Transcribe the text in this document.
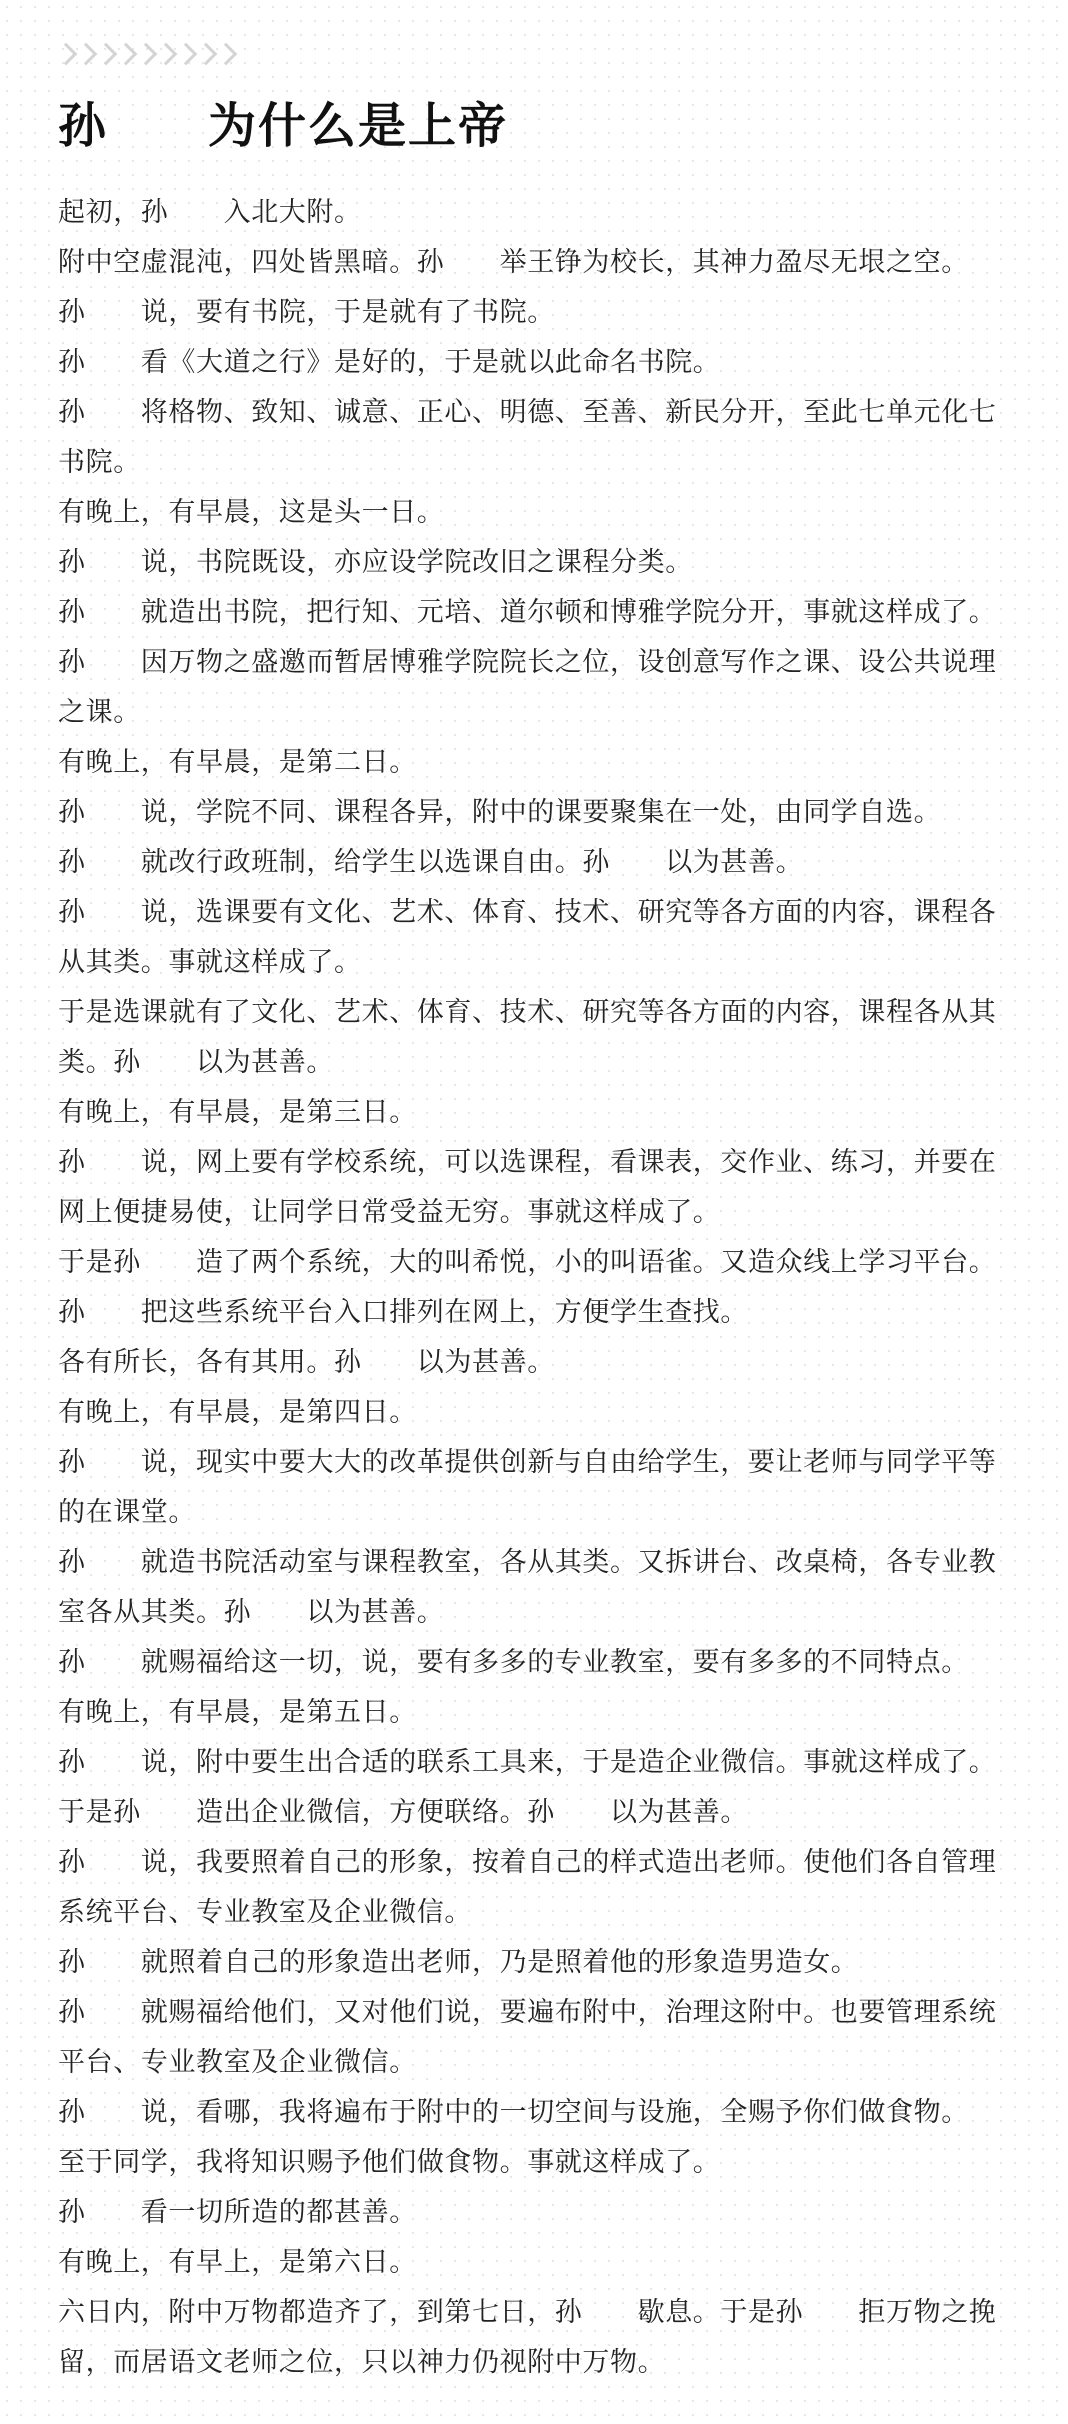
孙　　为什么是上帝

起初，孙　　入北大附。

附中空虚混沌，四处皆黑暗。孙　　举王铮为校长，其神力盈尽无垠之空。

孙　　说，要有书院，于是就有了书院。

孙　　看《大道之行》是好的，于是就以此命名书院。

孙　　将格物、致知、诚意、正心、明德、至善、新民分开，至此七单元化七书院。

有晚上，有早晨，这是头一日。

孙　　说，书院既设，亦应设学院改旧之课程分类。

孙　　就造出书院，把行知、元培、道尔顿和博雅学院分开，事就这样成了。

孙　　因万物之盛邀而暂居博雅学院院长之位，设创意写作之课、设公共说理之课。

有晚上，有早晨，是第二日。

孙　　说，学院不同、课程各异，附中的课要聚集在一处，由同学自选。

孙　　就改行政班制，给学生以选课自由。孙　　以为甚善。

孙　　说，选课要有文化、艺术、体育、技术、研究等各方面的内容，课程各从其类。事就这样成了。

于是选课就有了文化、艺术、体育、技术、研究等各方面的内容，课程各从其类。孙　　以为甚善。

有晚上，有早晨，是第三日。

孙　　说，网上要有学校系统，可以选课程，看课表，交作业、练习，并要在网上便捷易使，让同学日常受益无穷。事就这样成了。

于是孙　　造了两个系统，大的叫希悦，小的叫语雀。又造众线上学习平台。

孙　　把这些系统平台入口排列在网上，方便学生查找。

各有所长，各有其用。孙　　以为甚善。

有晚上，有早晨，是第四日。

孙　　说，现实中要大大的改革提供创新与自由给学生，要让老师与同学平等的在课堂。

孙　　就造书院活动室与课程教室，各从其类。又拆讲台、改桌椅，各专业教室各从其类。孙　　以为甚善。

孙　　就赐福给这一切，说，要有多多的专业教室，要有多多的不同特点。

有晚上，有早晨，是第五日。

孙　　说，附中要生出合适的联系工具来，于是造企业微信。事就这样成了。

于是孙　　造出企业微信，方便联络。孙　　以为甚善。

孙　　说，我要照着自己的形象，按着自己的样式造出老师。使他们各自管理系统平台、专业教室及企业微信。

孙　　就照着自己的形象造出老师，乃是照着他的形象造男造女。

孙　　就赐福给他们，又对他们说，要遍布附中，治理这附中。也要管理系统平台、专业教室及企业微信。

孙　　说，看哪，我将遍布于附中的一切空间与设施，全赐予你们做食物。

至于同学，我将知识赐予他们做食物。事就这样成了。

孙　　看一切所造的都甚善。

有晚上，有早上，是第六日。

六日内，附中万物都造齐了，到第七日，孙　　歇息。于是孙　　拒万物之挽留，而居语文老师之位，只以神力仍视附中万物。
